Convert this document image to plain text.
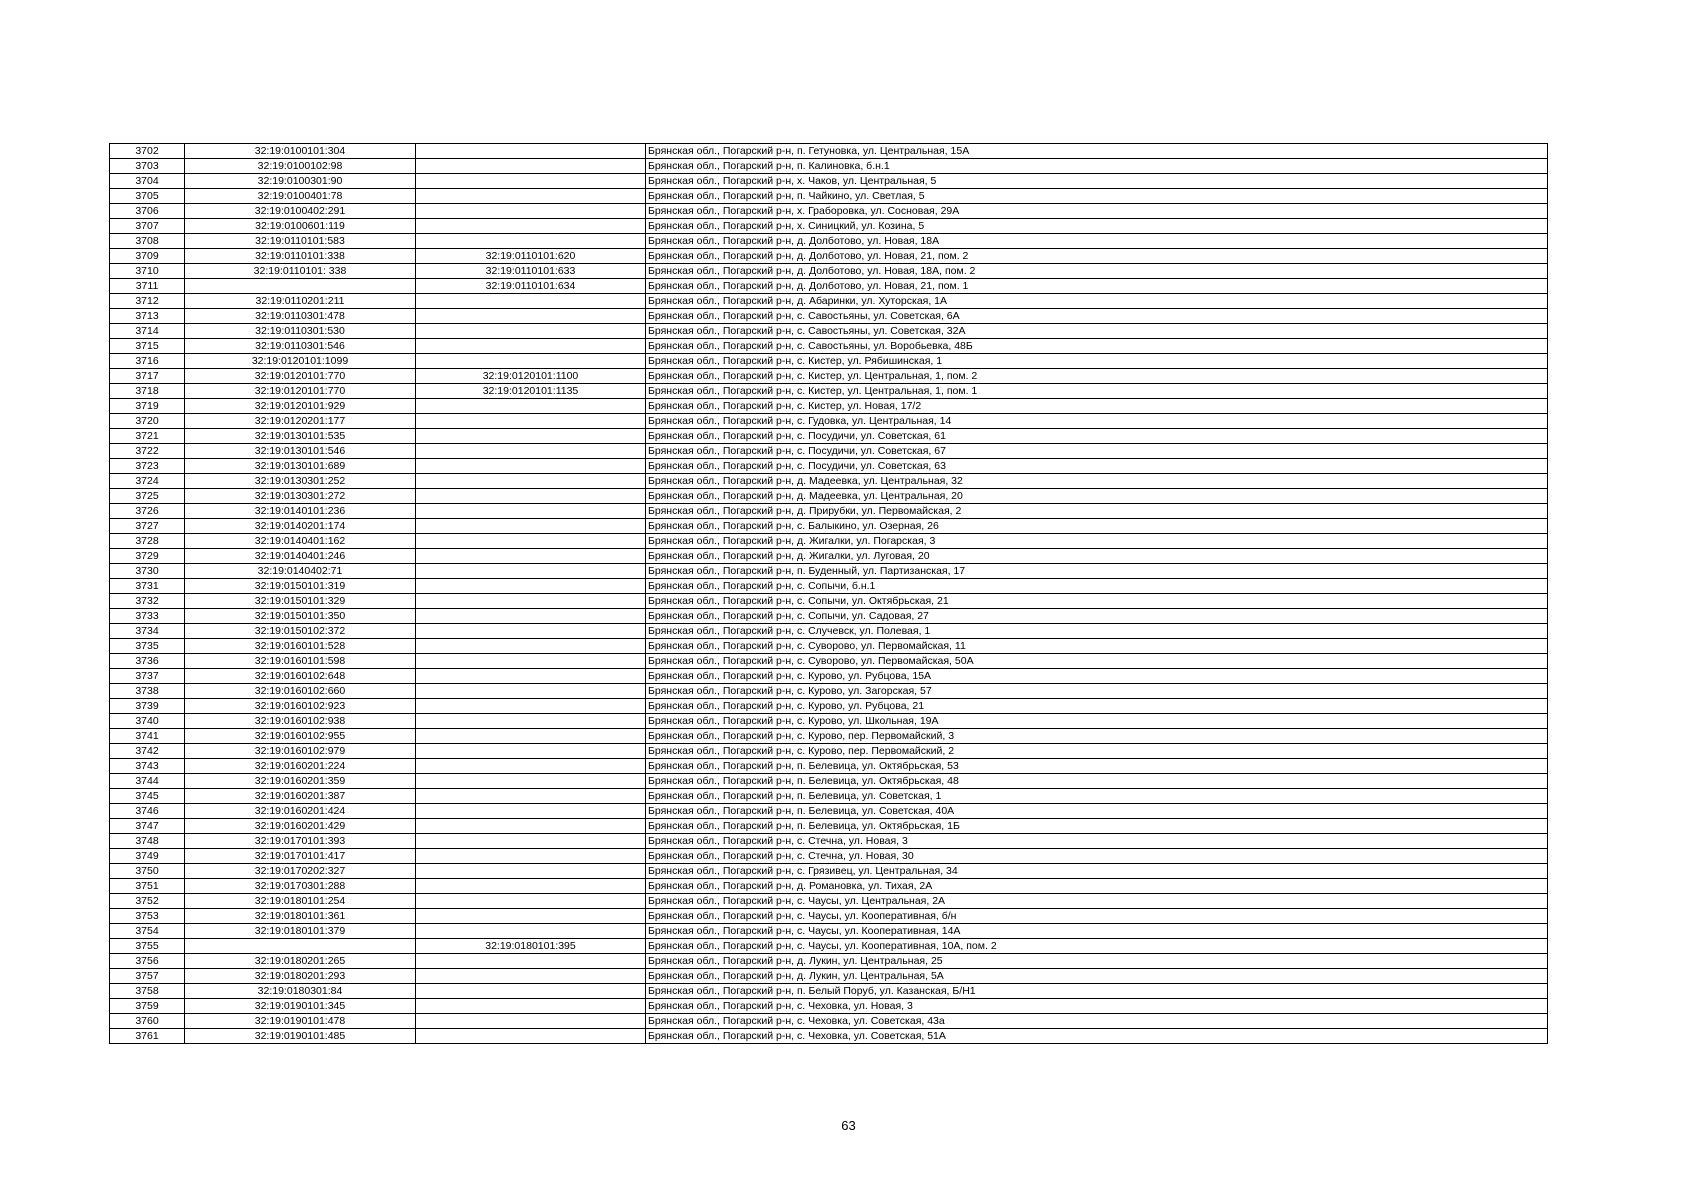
3702	32:19:0100101:304		Брянская обл., Погарский р-н, п. Гетуновка, ул. Центральная, 15А
3703	32:19:0100102:98		Брянская обл., Погарский р-н, п. Калиновка, б.н.1
3704	32:19:0100301:90		Брянская обл., Погарский р-н, х. Чаков, ул. Центральная, 5
3705	32:19:0100401:78		Брянская обл., Погарский р-н, п. Чайкино, ул. Светлая, 5
3706	32:19:0100402:291		Брянская обл., Погарский р-н, х. Граборовка, ул. Сосновая, 29А
3707	32:19:0100601:119		Брянская обл., Погарский р-н, х. Синицкий, ул. Козина, 5
3708	32:19:0110101:583		Брянская обл., Погарский р-н, д. Долботово, ул. Новая, 18А
3709	32:19:0110101:338	32:19:0110101:620	Брянская обл., Погарский р-н, д. Долботово, ул. Новая, 21, пом. 2
3710	32:19:0110101: 338	32:19:0110101:633	Брянская обл., Погарский р-н, д. Долботово, ул. Новая, 18А, пом. 2
3711		32:19:0110101:634	Брянская обл., Погарский р-н, д. Долботово, ул. Новая, 21, пом. 1
3712	32:19:0110201:211		Брянская обл., Погарский р-н, д. Абаринки, ул. Хуторская, 1А
3713	32:19:0110301:478		Брянская обл., Погарский р-н, с. Савостьяны, ул. Советская, 6А
3714	32:19:0110301:530		Брянская обл., Погарский р-н, с. Савостьяны, ул. Советская, 32А
3715	32:19:0110301:546		Брянская обл., Погарский р-н, с. Савостьяны, ул. Воробьевка, 48Б
3716	32:19:0120101:1099		Брянская обл., Погарский р-н, с. Кистер, ул. Рябишинская, 1
3717	32:19:0120101:770	32:19:0120101:1100	Брянская обл., Погарский р-н, с. Кистер, ул. Центральная, 1, пом. 2
3718	32:19:0120101:770	32:19:0120101:1135	Брянская обл., Погарский р-н, с. Кистер, ул. Центральная, 1, пом. 1
3719	32:19:0120101:929		Брянская обл., Погарский р-н, с. Кистер, ул. Новая, 17/2
3720	32:19:0120201:177		Брянская обл., Погарский р-н, с. Гудовка, ул. Центральная, 14
3721	32:19:0130101:535		Брянская обл., Погарский р-н, с. Посудичи, ул. Советская, 61
3722	32:19:0130101:546		Брянская обл., Погарский р-н, с. Посудичи, ул. Советская, 67
3723	32:19:0130101:689		Брянская обл., Погарский р-н, с. Посудичи, ул. Советская, 63
3724	32:19:0130301:252		Брянская обл., Погарский р-н, д. Мадеевка, ул. Центральная, 32
3725	32:19:0130301:272		Брянская обл., Погарский р-н, д. Мадеевка, ул. Центральная, 20
3726	32:19:0140101:236		Брянская обл., Погарский р-н, д. Прирубки, ул. Первомайская, 2
3727	32:19:0140201:174		Брянская обл., Погарский р-н, с. Балыкино, ул. Озерная, 26
3728	32:19:0140401:162		Брянская обл., Погарский р-н, д. Жигалки, ул. Погарская, 3
3729	32:19:0140401:246		Брянская обл., Погарский р-н, д. Жигалки, ул. Луговая, 20
3730	32:19:0140402:71		Брянская обл., Погарский р-н, п. Буденный, ул. Партизанская, 17
3731	32:19:0150101:319		Брянская обл., Погарский р-н, с. Сопычи, б.н.1
3732	32:19:0150101:329		Брянская обл., Погарский р-н, с. Сопычи, ул. Октябрьская, 21
3733	32:19:0150101:350		Брянская обл., Погарский р-н, с. Сопычи, ул. Садовая, 27
3734	32:19:0150102:372		Брянская обл., Погарский р-н, с. Случевск, ул. Полевая, 1
3735	32:19:0160101:528		Брянская обл., Погарский р-н, с. Суворово, ул. Первомайская, 11
3736	32:19:0160101:598		Брянская обл., Погарский р-н, с. Суворово, ул. Первомайская, 50А
3737	32:19:0160102:648		Брянская обл., Погарский р-н, с. Курово, ул. Рубцова, 15А
3738	32:19:0160102:660		Брянская обл., Погарский р-н, с. Курово, ул. Загорская, 57
3739	32:19:0160102:923		Брянская обл., Погарский р-н, с. Курово, ул. Рубцова, 21
3740	32:19:0160102:938		Брянская обл., Погарский р-н, с. Курово, ул. Школьная, 19А
3741	32:19:0160102:955		Брянская обл., Погарский р-н, с. Курово, пер. Первомайский, 3
3742	32:19:0160102:979		Брянская обл., Погарский р-н, с. Курово, пер. Первомайский, 2
3743	32:19:0160201:224		Брянская обл., Погарский р-н, п. Белевица, ул. Октябрьская, 53
3744	32:19:0160201:359		Брянская обл., Погарский р-н, п. Белевица, ул. Октябрьская, 48
3745	32:19:0160201:387		Брянская обл., Погарский р-н, п. Белевица, ул. Советская, 1
3746	32:19:0160201:424		Брянская обл., Погарский р-н, п. Белевица, ул. Советская, 40А
3747	32:19:0160201:429		Брянская обл., Погарский р-н, п. Белевица, ул. Октябрьская, 1Б
3748	32:19:0170101:393		Брянская обл., Погарский р-н, с. Стечна, ул. Новая, 3
3749	32:19:0170101:417		Брянская обл., Погарский р-н, с. Стечна, ул. Новая, 30
3750	32:19:0170202:327		Брянская обл., Погарский р-н, с. Грязивец, ул. Центральная, 34
3751	32:19:0170301:288		Брянская обл., Погарский р-н, д. Романовка, ул. Тихая, 2А
3752	32:19:0180101:254		Брянская обл., Погарский р-н, с. Чаусы, ул. Центральная, 2А
3753	32:19:0180101:361		Брянская обл., Погарский р-н, с. Чаусы, ул. Кооперативная, б/н
3754	32:19:0180101:379		Брянская обл., Погарский р-н, с. Чаусы, ул. Кооперативная, 14А
3755		32:19:0180101:395	Брянская обл., Погарский р-н, с. Чаусы, ул. Кооперативная, 10А, пом. 2
3756	32:19:0180201:265		Брянская обл., Погарский р-н, д. Лукин, ул. Центральная, 25
3757	32:19:0180201:293		Брянская обл., Погарский р-н, д. Лукин, ул. Центральная, 5А
3758	32:19:0180301:84		Брянская обл., Погарский р-н, п. Белый Поруб, ул. Казанская, Б/Н1
3759	32:19:0190101:345		Брянская обл., Погарский р-н, с. Чеховка, ул. Новая, 3
3760	32:19:0190101:478		Брянская обл., Погарский р-н, с. Чеховка, ул. Советская, 43а
3761	32:19:0190101:485		Брянская обл., Погарский р-н, с. Чеховка, ул. Советская, 51А
63
